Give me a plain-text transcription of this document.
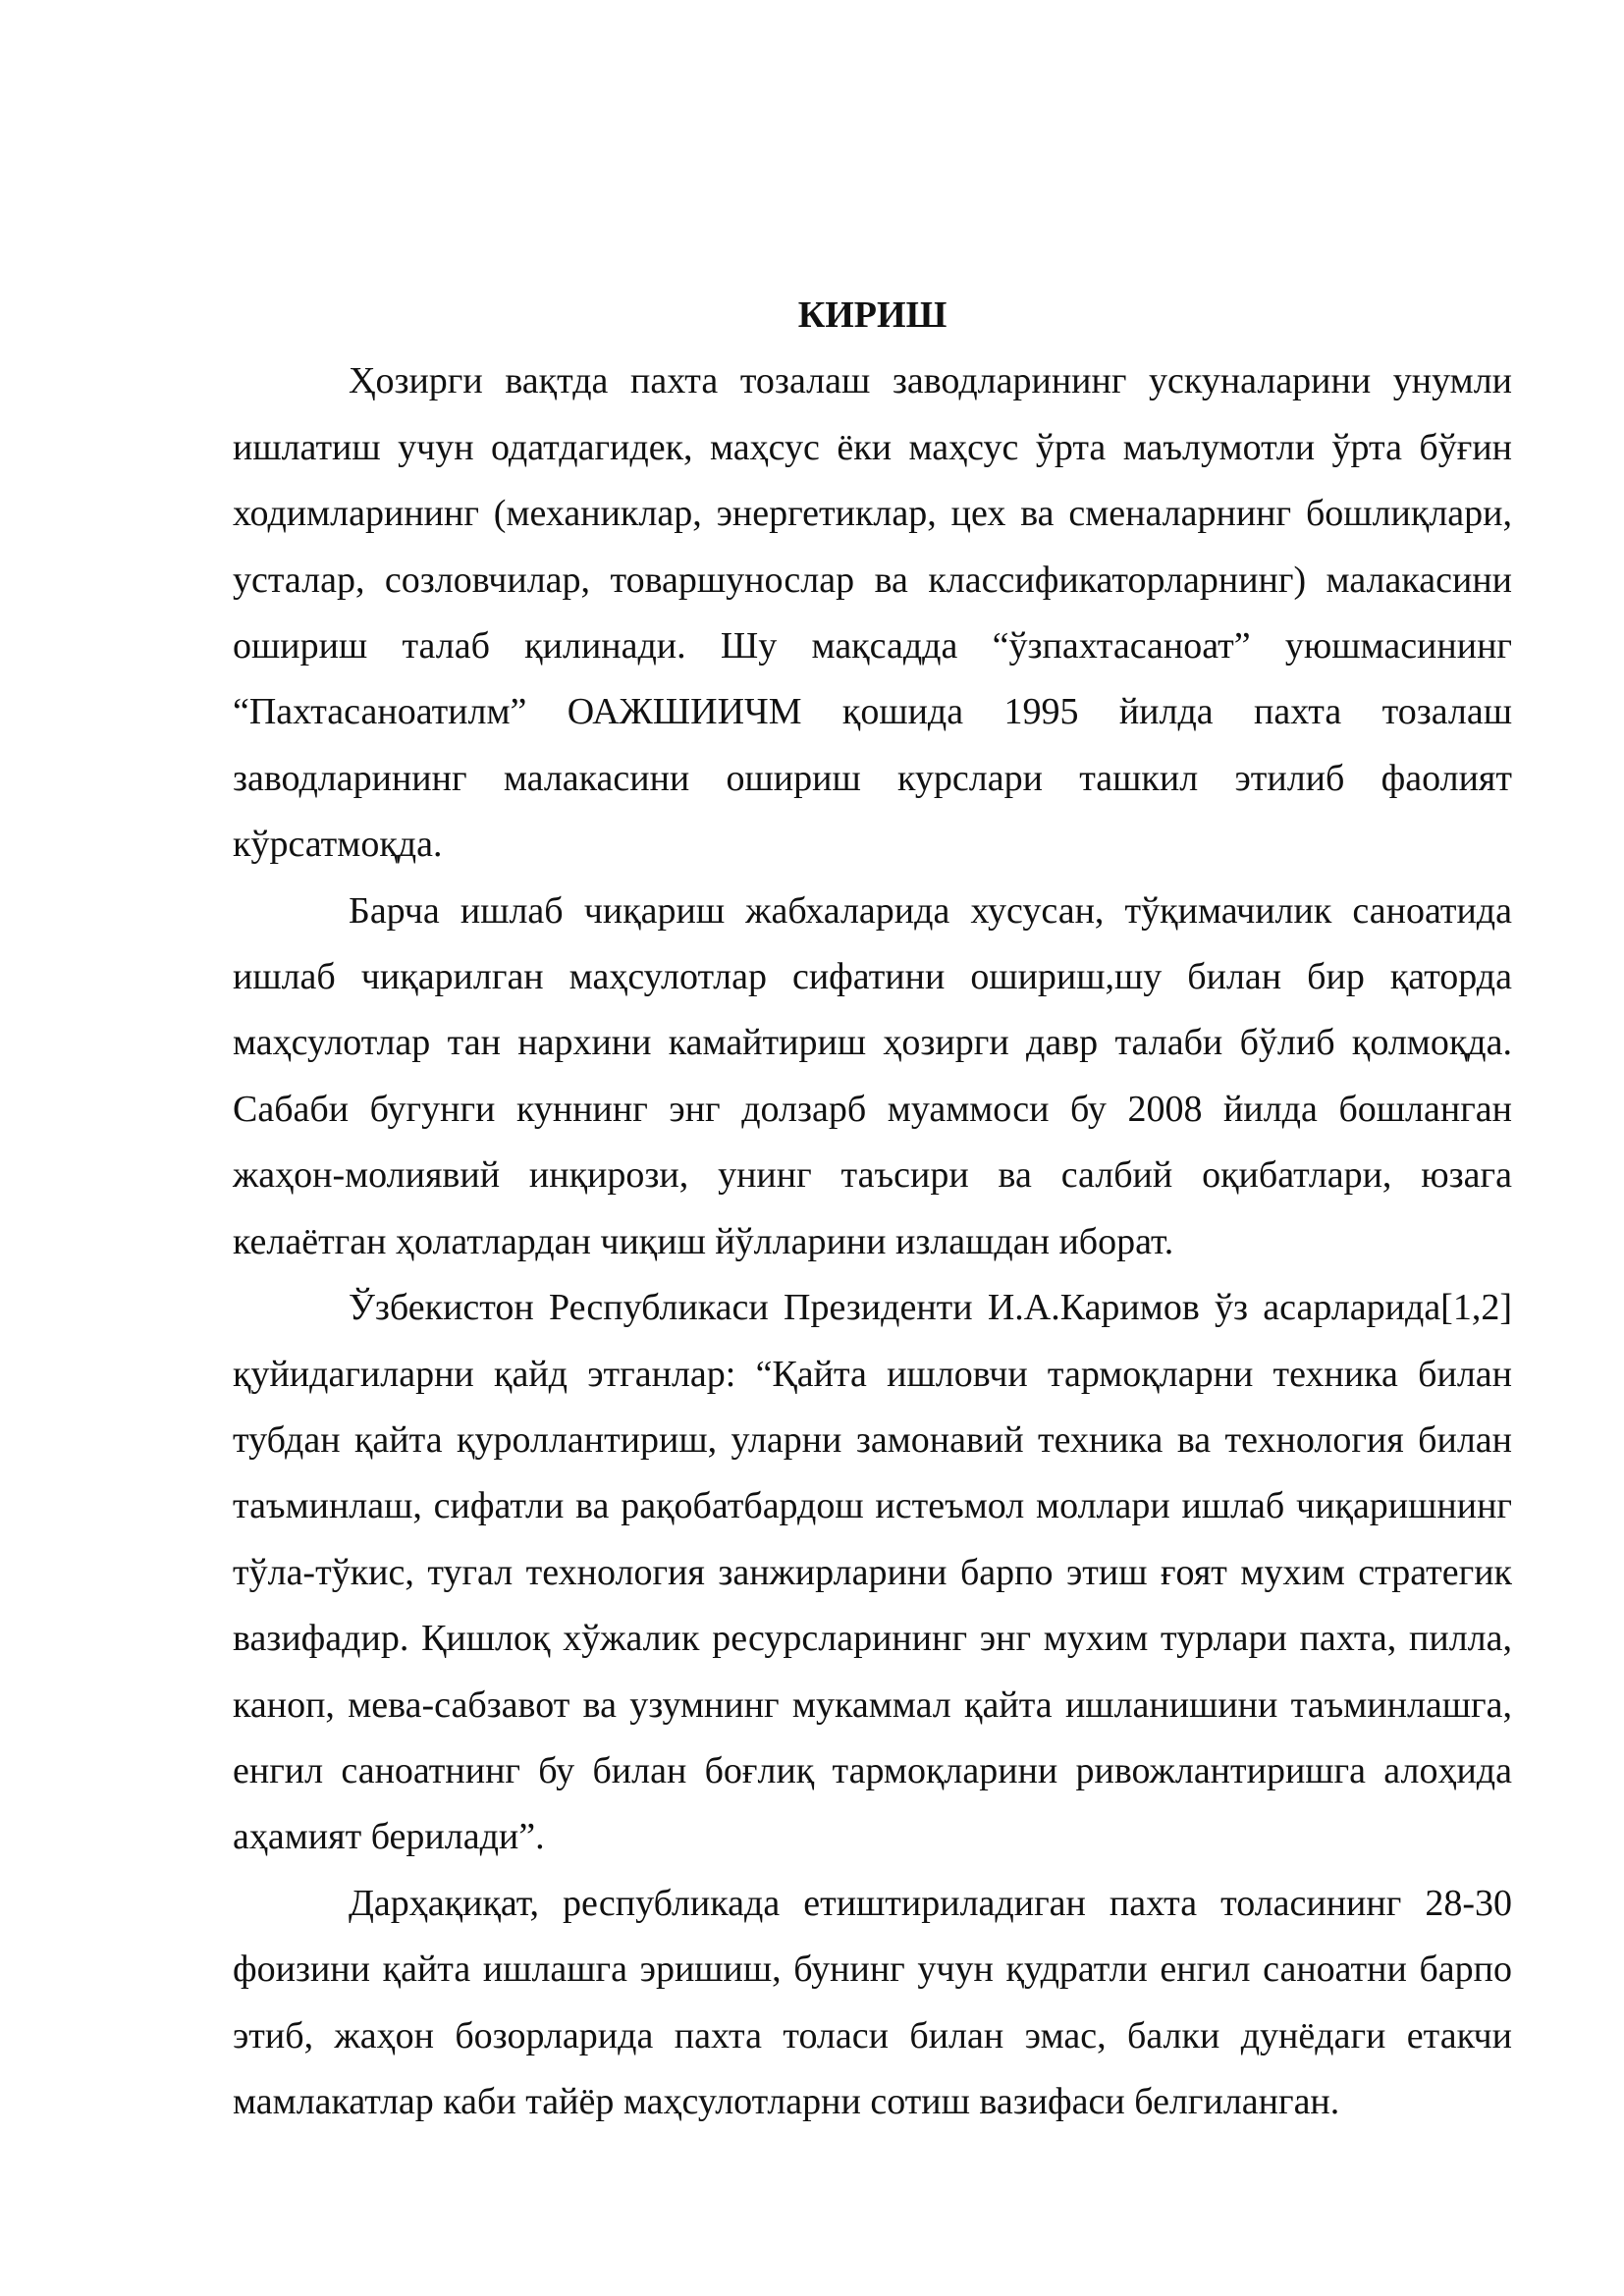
КИРИШ

Ҳозирги вақтда пахта тозалаш заводларининг ускуналарини унумли ишлатиш учун одатдагидек, маҳсус ёки маҳсус ўрта маълумотли ўрта бўғин ходимларининг (механиклар, энергетиклар, цех ва сменаларнинг бошлиқлари, усталар, созловчилар, товаршунослар ва классификаторларнинг) малакасини ошириш талаб қилинади. Шу мақсадда “ўзпахтасаноат” уюшмасининг “Пахтасаноатилм” ОАЖШИИЧМ қошида 1995 йилда пахта тозалаш заводларининг малакасини ошириш курслари ташкил этилиб фаолият кўрсатмоқда.

Барча ишлаб чиқариш жабхаларида хусусан, тўқимачилик саноатида ишлаб чиқарилган маҳсулотлар сифатини ошириш,шу билан бир қаторда маҳсулотлар тан нархини камайтириш ҳозирги давр талаби бўлиб қолмоқда. Сабаби бугунги куннинг энг долзарб муаммоси бу 2008 йилда бошланган жаҳон-молиявий инқирози, унинг таъсири ва салбий оқибатлари, юзага келаётган ҳолатлардан чиқиш йўлларини излашдан иборат.

Ўзбекистон Республикаси Президенти И.А.Каримов ўз асарларида[1,2] қуйидагиларни қайд этганлар: “Қайта ишловчи тармоқларни техника билан тубдан қайта қуроллантириш, уларни замонавий техника ва технология билан таъминлаш, сифатли ва рақобатбардош истеъмол моллари ишлаб чиқаришнинг тўла-тўкис, тугал технология занжирларини барпо этиш ғоят мухим стратегик вазифадир. Қишлоқ хўжалик ресурсларининг энг мухим турлари пахта, пилла, каноп, мева-сабзавот ва узумнинг мукаммал қайта ишланишини таъминлашга, енгил саноатнинг бу билан боғлиқ тармоқларини ривожлантиришга алоҳида аҳамият берилади”.

Дарҳақиқат, республикада етиштириладиган пахта толасининг 28-30 фоизини қайта ишлашга эришиш, бунинг учун қудратли енгил саноатни барпо этиб, жаҳон бозорларида пахта толаси билан эмас, балки дунёдаги етакчи мамлакатлар каби тайёр маҳсулотларни сотиш вазифаси белгиланган.
